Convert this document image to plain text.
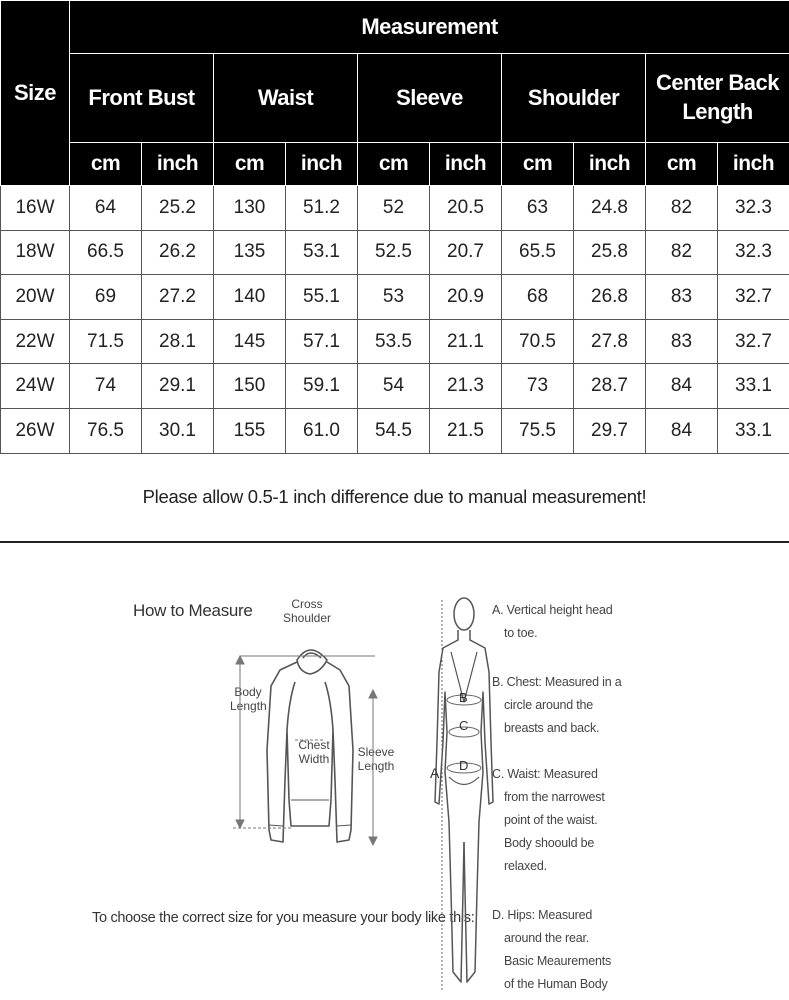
Size	Measurement									
	Front Bust		Waist		Sleeve		Shoulder		Center Back
Length	
	cm	inch	cm	inch	cm	inch	cm	inch	cm	inch
16W	64	25.2	130	51.2	52	20.5	63	24.8	82	32.3
18W	66.5	26.2	135	53.1	52.5	20.7	65.5	25.8	82	32.3
20W	69	27.2	140	55.1	53	20.9	68	26.8	83	32.7
22W	71.5	28.1	145	57.1	53.5	21.1	70.5	27.8	83	32.7
24W	74	29.1	150	59.1	54	21.3	73	28.7	84	33.1
26W	76.5	30.1	155	61.0	54.5	21.5	75.5	29.7	84	33.1
Please allow 0.5-1 inch difference due to manual measurement!
How to Measure	Cross
Shoulder
Body
Length
Chest
Width	Sleeve
Length
To choose the correct size for you measure your body like this:
B
C
D
A
A. Vertical height head
to toe.
B. Chest: Measured in a
circle around the
breasts and back.
C. Waist: Measured
from the narrowest
point of the waist.
Body shoould be
relaxed.
D. Hips: Measured
around the rear.
Basic Meaurements
of the Human Body
